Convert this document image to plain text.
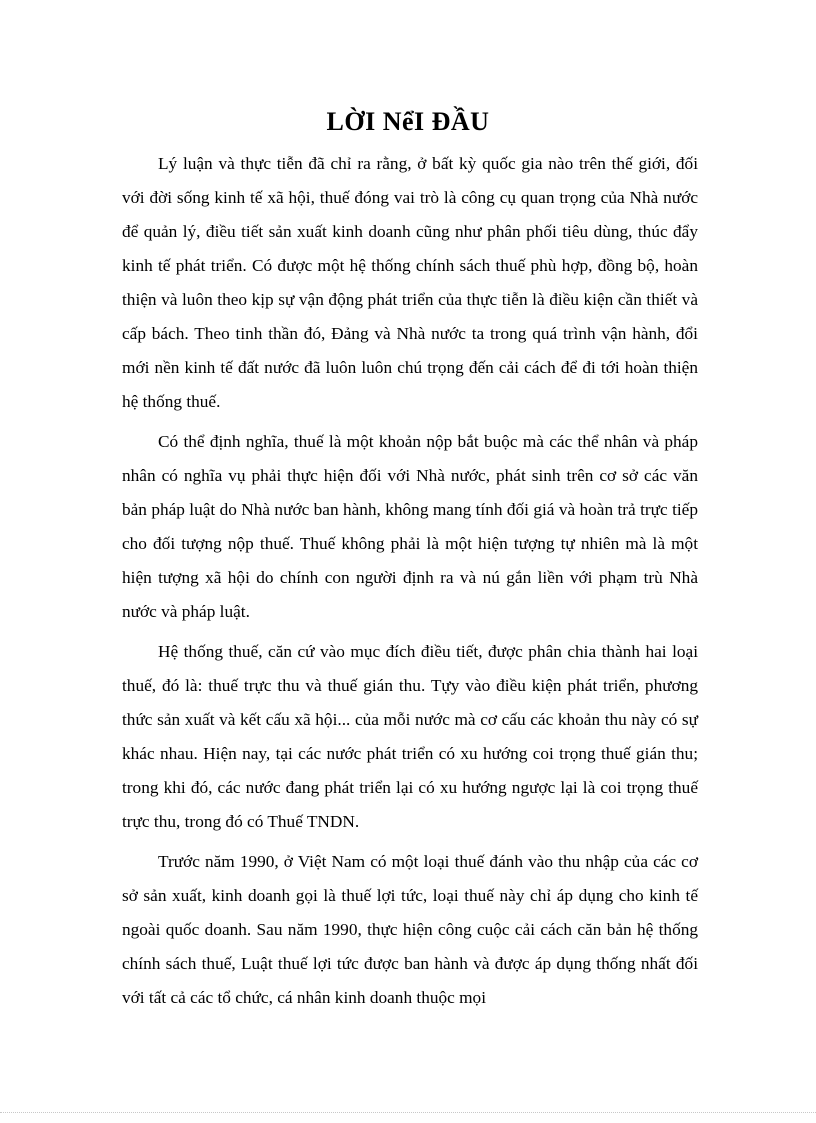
LỜI NểI ĐẦU

Lý luận và thực tiễn đã chỉ ra rằng, ở bất kỳ quốc gia nào trên thế giới, đối với đời sống kinh tế xã hội, thuế đóng vai trò là công cụ quan trọng của Nhà nước để quản lý, điều tiết sản xuất kinh doanh cũng như phân phối tiêu dùng, thúc đẩy kinh tế phát triển. Có được một hệ thống chính sách thuế phù hợp, đồng bộ, hoàn thiện và luôn theo kịp sự vận động phát triển của thực tiễn là điều kiện cần thiết và cấp bách. Theo tinh thần đó, Đảng và Nhà nước ta trong quá trình vận hành, đổi mới nền kinh tế đất nước đã luôn luôn chú trọng đến cải cách để đi tới hoàn thiện hệ thống thuế.

Có thể định nghĩa, thuế là một khoản nộp bắt buộc mà các thể nhân và pháp nhân có nghĩa vụ phải thực hiện đối với Nhà nước, phát sinh trên cơ sở các văn bản pháp luật do Nhà nước ban hành, không mang tính đối giá và hoàn trả trực tiếp cho đối tượng nộp thuế. Thuế không phải là một hiện tượng tự nhiên mà là một hiện tượng xã hội do chính con người định ra và nú gắn liền với phạm trù Nhà nước và pháp luật.

Hệ thống thuế, căn cứ vào mục đích điều tiết, được phân chia thành hai loại thuế, đó là: thuế trực thu và thuế gián thu. Tựy vào điều kiện phát triển, phương thức sản xuất và kết cấu xã hội... của mỗi nước mà cơ cấu các khoản thu này có sự khác nhau. Hiện nay, tại các nước phát triển có xu hướng coi trọng thuế gián thu; trong khi đó, các nước đang phát triển lại có xu hướng ngược lại là coi trọng thuế trực thu, trong đó có Thuế TNDN.

Trước năm 1990, ở Việt Nam có một loại thuế đánh vào thu nhập của các cơ sở sản xuất, kinh doanh gọi là thuế lợi tức, loại thuế này chỉ áp dụng cho kinh tế ngoài quốc doanh. Sau năm 1990, thực hiện công cuộc cải cách căn bản hệ thống chính sách thuế, Luật thuế lợi tức được ban hành và được áp dụng thống nhất đối với tất cả các tổ chức, cá nhân kinh doanh thuộc mọi
